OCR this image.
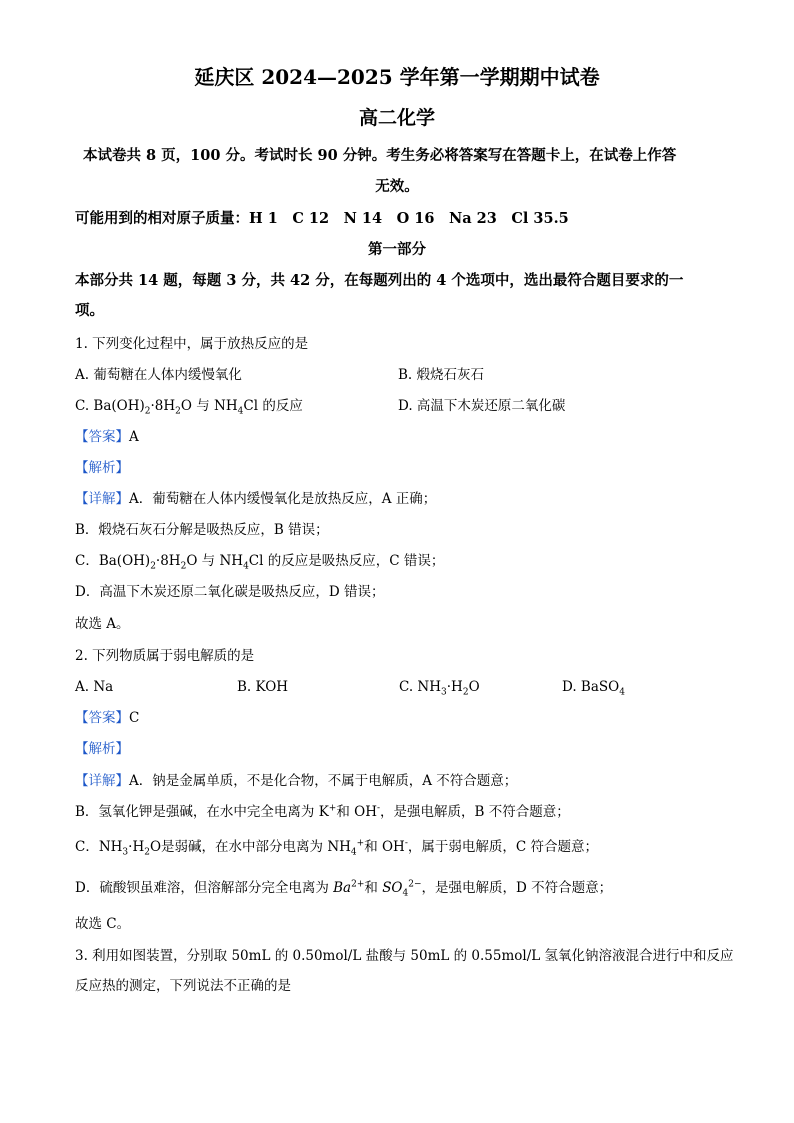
延庆区 2024—2025 学年第一学期期中试卷
高二化学
本试卷共 8 页，100 分。考试时长 90 分钟。考生务必将答案写在答题卡上，在试卷上作答
无效。
可能用到的相对原子质量：H 1　C 12　N 14　O 16　Na 23　Cl 35.5
第一部分
本部分共 14 题，每题 3 分，共 42 分，在每题列出的 4 个选项中，选出最符合题目要求的一
项。
1. 下列变化过程中，属于放热反应的是
A. 葡萄糖在人体内缓慢氧化	B. 煅烧石灰石
C. $Ba(OH)_2\cdot 8H_2O$ 与 $NH_4Cl$ 的反应	D. 高温下木炭还原二氧化碳
【答案】A
【解析】
【详解】A．葡萄糖在人体内缓慢氧化是放热反应，A 正确；
B．煅烧石灰石分解是吸热反应，B 错误；
C．$Ba(OH)_2\cdot 8H_2O$ 与 $NH_4Cl$ 的反应是吸热反应，C 错误；
D．高温下木炭还原二氧化碳是吸热反应，D 错误；
故选 A。
2. 下列物质属于弱电解质的是
A. Na	B. KOH	C. $NH_3\cdot H_2O$	D. BaSO$_4$
【答案】C
【解析】
【详解】A．钠是金属单质，不是化合物，不属于电解质，A 不符合题意；
B．氢氧化钾是强碱，在水中完全电离为 K+和 OH-，是强电解质，B 不符合题意；
C．$NH_3\cdot H_2O$是弱碱，在水中部分电离为 $NH_4^+$和 OH-，属于弱电解质，C 符合题意；
D．硫酸钡虽难溶，但溶解部分完全电离为 $Ba^{2+}$和 $SO_4^{2-}$，是强电解质，D 不符合题意；
故选 C。
3. 利用如图装置，分别取 50mL 的 0.50mol/L 盐酸与 50mL 的 0.55mol/L 氢氧化钠溶液混合进行中和反应
反应热的测定，下列说法不正确的是
